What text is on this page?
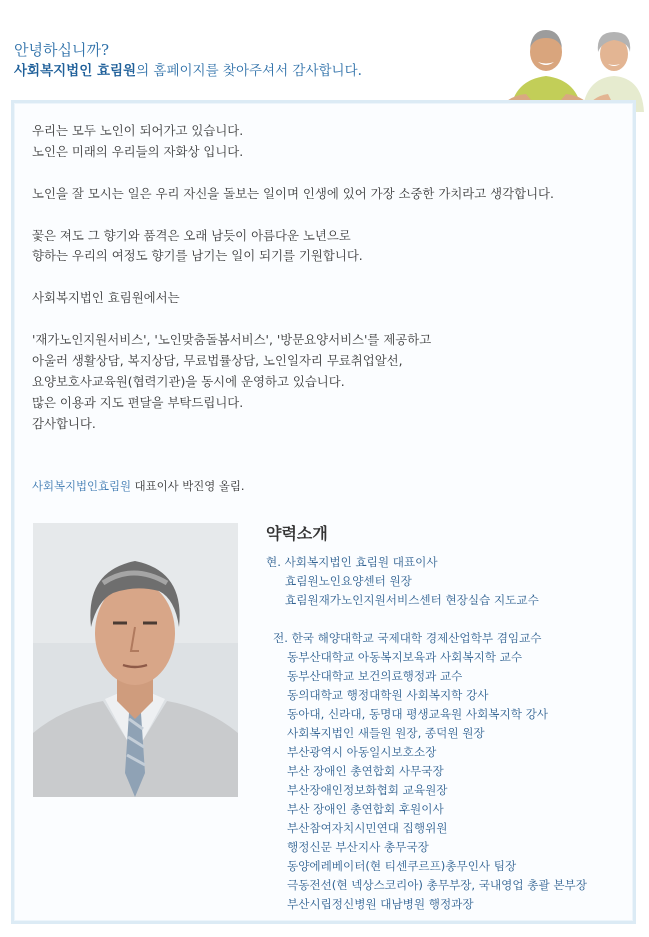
안녕하십니까?
사회복지법인 효림원의 홈페이지를 찾아주셔서 감사합니다.

우리는 모두 노인이 되어가고 있습니다.

노인은 미래의 우리들의 자화상 입니다.

노인을 잘 모시는 일은 우리 자신을 돌보는 일이며 인생에 있어 가장 소중한 가치라고 생각합니다.

꽃은 져도 그 향기와 품격은 오래 남듯이 아름다운 노년으로

향하는 우리의 여정도 향기를 남기는 일이 되기를 기원합니다.

사회복지법인 효림원에서는

'재가노인지원서비스', '노인맞춤돌봄서비스', '방문요양서비스'를 제공하고

아울러 생활상담, 복지상담, 무료법률상담, 노인일자리 무료취업알선,

요양보호사교육원(협력기관)을 동시에 운영하고 있습니다.

많은 이용과 지도 편달을 부탁드립니다.

감사합니다.

사회복지법인효림원 대표이사 박진영 올림.
약력소개

현. 사회복지법인 효림원 대표이사

효림원노인요양센터 원장

효림원재가노인지원서비스센터 현장실습 지도교수

전. 한국 해양대학교 국제대학 경제산업학부 겸임교수

동부산대학교 아동복지보육과 사회복지학 교수

동부산대학교 보건의료행정과 교수

동의대학교 행정대학원 사회복지학 강사

동아대, 신라대, 동명대 평생교육원 사회복지학 강사

사회복지법인 새들원 원장, 종덕원 원장

부산광역시 아동일시보호소장

부산 장애인 총연합회 사무국장

부산장애인정보화협회 교육원장

부산 장애인 총연합회 후원이사

부산참여자치시민연대 집행위원

행정신문 부산지사 총무국장

동양에레베이터(현 티센쿠르프)총무인사 팀장

극동전선(현 넥상스코리아) 총무부장, 국내영업 총괄 본부장

부산시립정신병원 대남병원 행정과장
